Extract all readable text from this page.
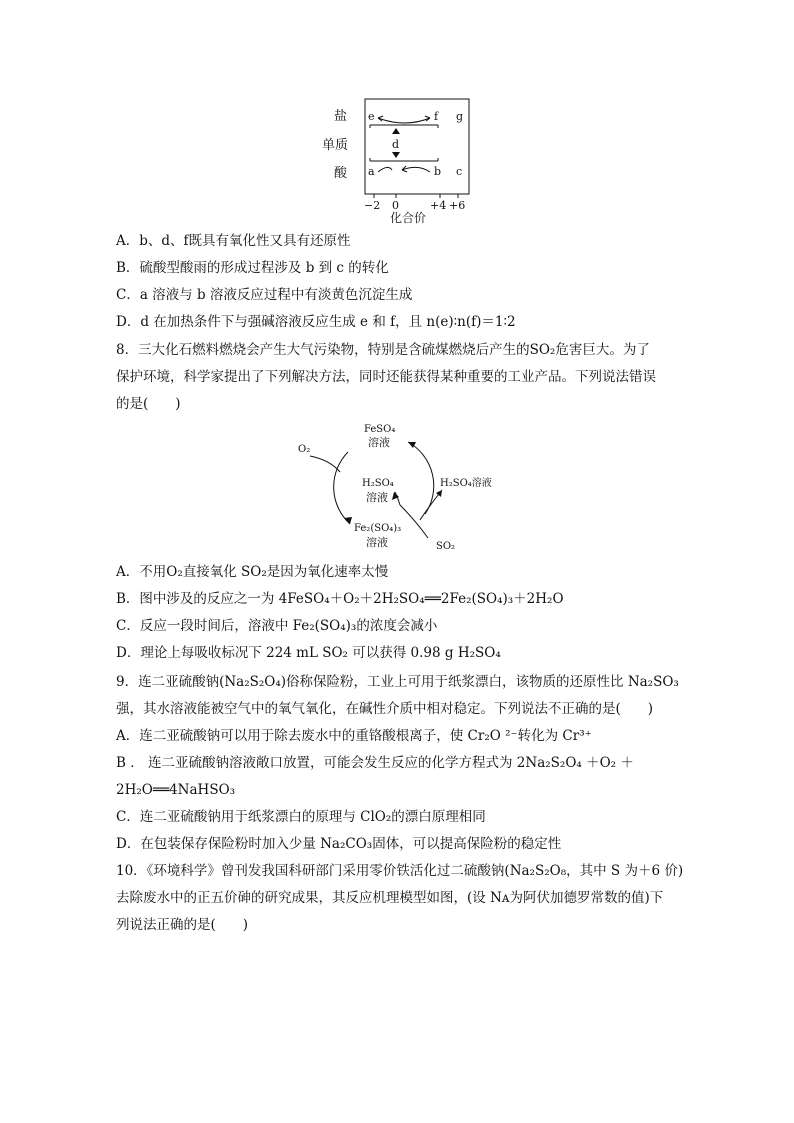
盐
单质
酸
e	f g
d
a	b c
−2 0	+4 +6
化合价
A．b、d、f既具有氧化性又具有还原性
B．硫酸型酸雨的形成过程涉及 b 到 c 的转化
C．a 溶液与 b 溶液反应过程中有淡黄色沉淀生成
D．d 在加热条件下与强碱溶液反应生成 e 和 f，且 n(e)∶n(f)＝1∶2
8．三大化石燃料燃烧会产生大气污染物，特别是含硫煤燃烧后产生的SO₂危害巨大。为了
保护环境，科学家提出了下列解决方法，同时还能获得某种重要的工业产品。下列说法错误
的是(　　)
FeSO₄
溶液
H₂SO₄
溶液
Fe₂(SO₄)₃
溶液
O₂
SO₂
H₂SO₄溶液
A．不用O₂直接氧化 SO₂是因为氧化速率太慢
B．图中涉及的反应之一为 4FeSO₄＋O₂＋2H₂SO₄══2Fe₂(SO₄)₃＋2H₂O
C．反应一段时间后，溶液中 Fe₂(SO₄)₃的浓度会减小
D．理论上每吸收标况下 224 mL SO₂ 可以获得 0.98 g H₂SO₄
9．连二亚硫酸钠(Na₂S₂O₄)俗称保险粉，工业上可用于纸浆漂白，该物质的还原性比 Na₂SO₃
强，其水溶液能被空气中的氧气氧化，在碱性介质中相对稳定。下列说法不正确的是(　　)
A．连二亚硫酸钠可以用于除去废水中的重铬酸根离子，使 Cr₂O ²⁻转化为 Cr³⁺
B ． 连二亚硫酸钠溶液敞口放置，可能会发生反应的化学方程式为 2Na₂S₂O₄ ＋O₂ ＋
2H₂O══4NaHSO₃
C．连二亚硫酸钠用于纸浆漂白的原理与 ClO₂的漂白原理相同
D．在包装保存保险粉时加入少量 Na₂CO₃固体，可以提高保险粉的稳定性
10．《环境科学》曾刊发我国科研部门采用零价铁活化过二硫酸钠(Na₂S₂O₈，其中 S 为＋6 价)
去除废水中的正五价砷的研究成果，其反应机理模型如图，(设 Nᴀ为阿伏加德罗常数的值)下
列说法正确的是(　　)
